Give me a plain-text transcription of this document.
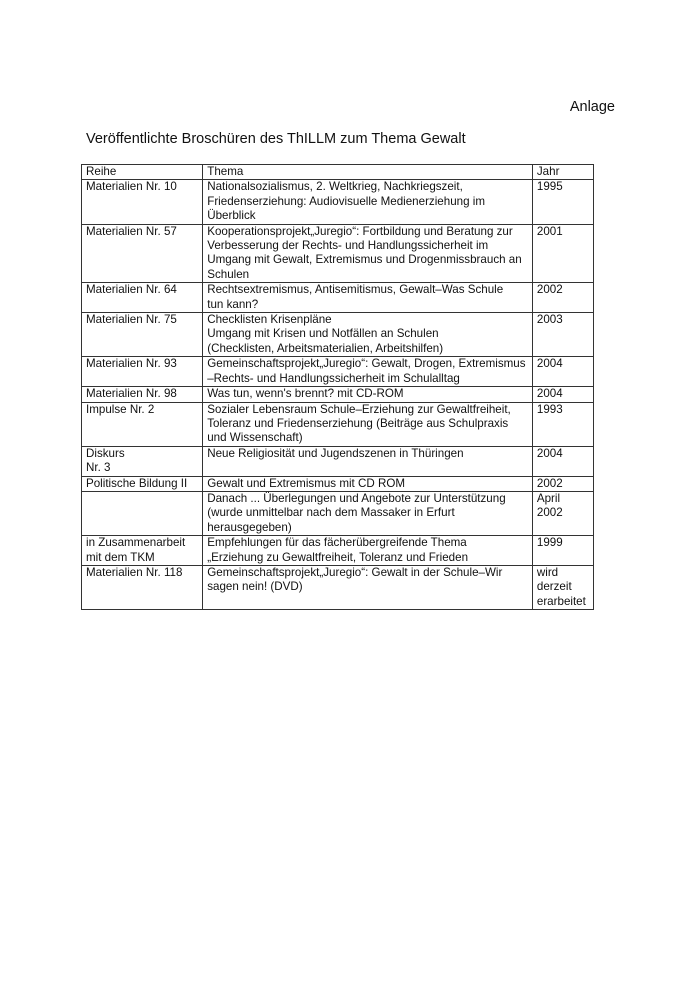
Anlage
Veröffentlichte Broschüren des ThILLM zum Thema Gewalt
Reihe	Thema	Jahr
Materialien Nr. 10	Nationalsozialismus, 2. Weltkrieg, Nachkriegszeit,
Friedenserziehung: Audiovisuelle Medienerziehung im
Überblick	1995
Materialien Nr. 57	Kooperationsprojekt„Juregio“: Fortbildung und Beratung zur
Verbesserung der Rechts- und Handlungssicherheit im
Umgang mit Gewalt, Extremismus und Drogenmissbrauch an
Schulen	2001
Materialien Nr. 64	Rechtsextremismus, Antisemitismus, Gewalt–Was Schule
tun kann?	2002
Materialien Nr. 75	Checklisten Krisenpläne
Umgang mit Krisen und Notfällen an Schulen
(Checklisten, Arbeitsmaterialien, Arbeitshilfen)	2003
Materialien Nr. 93	Gemeinschaftsprojekt„Juregio“: Gewalt, Drogen, Extremismus
–Rechts- und Handlungssicherheit im Schulalltag	2004
Materialien Nr. 98	Was tun, wenn's brennt? mit CD-ROM	2004
Impulse Nr. 2	Sozialer Lebensraum Schule–Erziehung zur Gewaltfreiheit,
Toleranz und Friedenserziehung (Beiträge aus Schulpraxis
und Wissenschaft)	1993
Diskurs
Nr. 3	Neue Religiosität und Jugendszenen in Thüringen	2004
Politische Bildung II	Gewalt und Extremismus mit CD ROM	2002
	Danach ... Überlegungen und Angebote zur Unterstützung
(wurde unmittelbar nach dem Massaker in Erfurt
herausgegeben)	April 2002
in Zusammenarbeit
mit dem TKM	Empfehlungen für das fächerübergreifende Thema
„Erziehung zu Gewaltfreiheit, Toleranz und Frieden	1999
Materialien Nr. 118	Gemeinschaftsprojekt„Juregio“: Gewalt in der Schule–Wir
sagen nein! (DVD)	wird
derzeit
erarbeitet
